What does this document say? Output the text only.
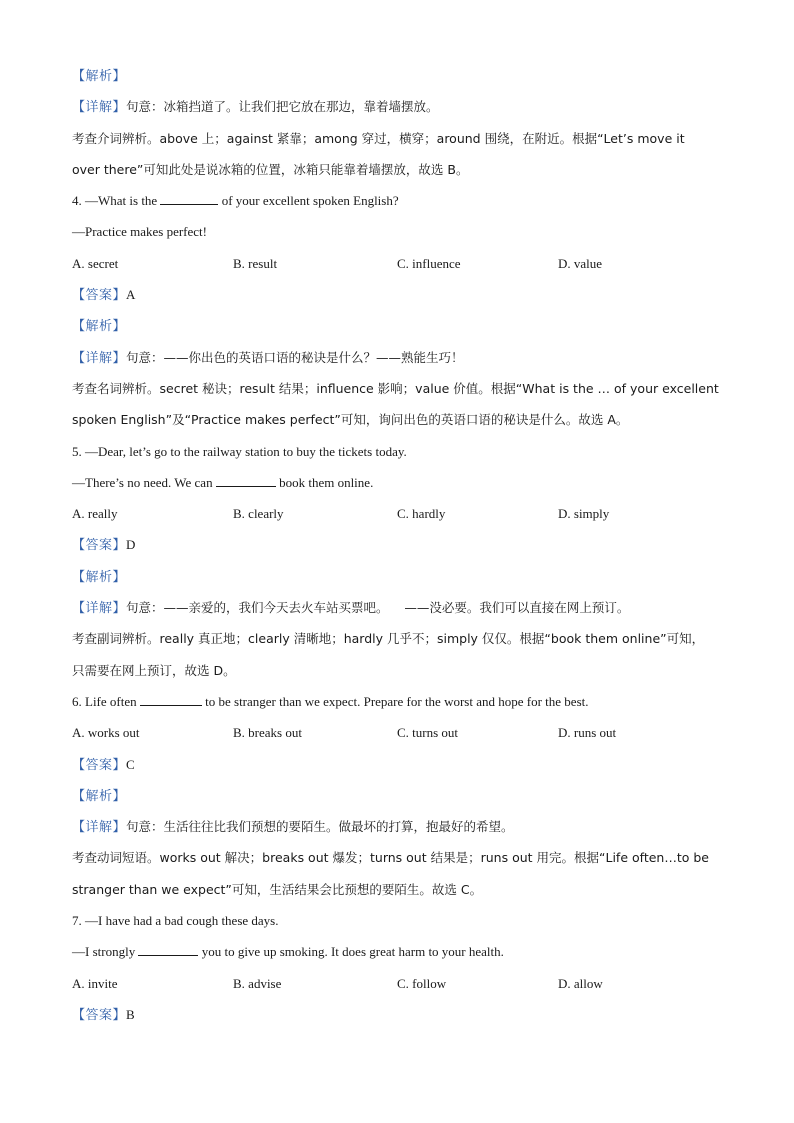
【解析】
【详解】句意：冰箱挡道了。让我们把它放在那边，靠着墙摆放。
考查介词辨析。above 上；against 紧靠；among 穿过，横穿；around 围绕，在附近。根据“Let’s move it
over there”可知此处是说冰箱的位置，冰箱只能靠着墙摆放，故选 B。
4. —What is the	of your excellent spoken English?
—Practice makes perfect!
A. secret	B. result	C. influence	D. value
【答案】A
【解析】
【详解】句意：——你出色的英语口语的秘诀是什么？——熟能生巧！
考查名词辨析。secret 秘诀；result 结果；influence 影响；value 价值。根据“What is the … of your excellent
spoken English”及“Practice makes perfect”可知，询问出色的英语口语的秘诀是什么。故选 A。
5. —Dear, let’s go to the railway station to buy the tickets today.
—There’s no need. We can	book them online.
A. really	B. clearly	C. hardly	D. simply
【答案】D
【解析】
【详解】句意：——亲爱的，我们今天去火车站买票吧。    ——没必要。我们可以直接在网上预订。
考查副词辨析。really 真正地；clearly 清晰地；hardly 几乎不；simply 仅仅。根据“book them online”可知，
只需要在网上预订，故选 D。
6. Life often	to be stranger than we expect. Prepare for the worst and hope for the best.
A. works out	B. breaks out	C. turns out	D. runs out
【答案】C
【解析】
【详解】句意：生活往往比我们预想的要陌生。做最坏的打算，抱最好的希望。
考查动词短语。works out 解决；breaks out 爆发；turns out 结果是；runs out 用完。根据“Life often…to be
stranger than we expect”可知，生活结果会比预想的要陌生。故选 C。
7. —I have had a bad cough these days.
—I strongly	you to give up smoking. It does great harm to your health.
A. invite	B. advise	C. follow	D. allow
【答案】B
